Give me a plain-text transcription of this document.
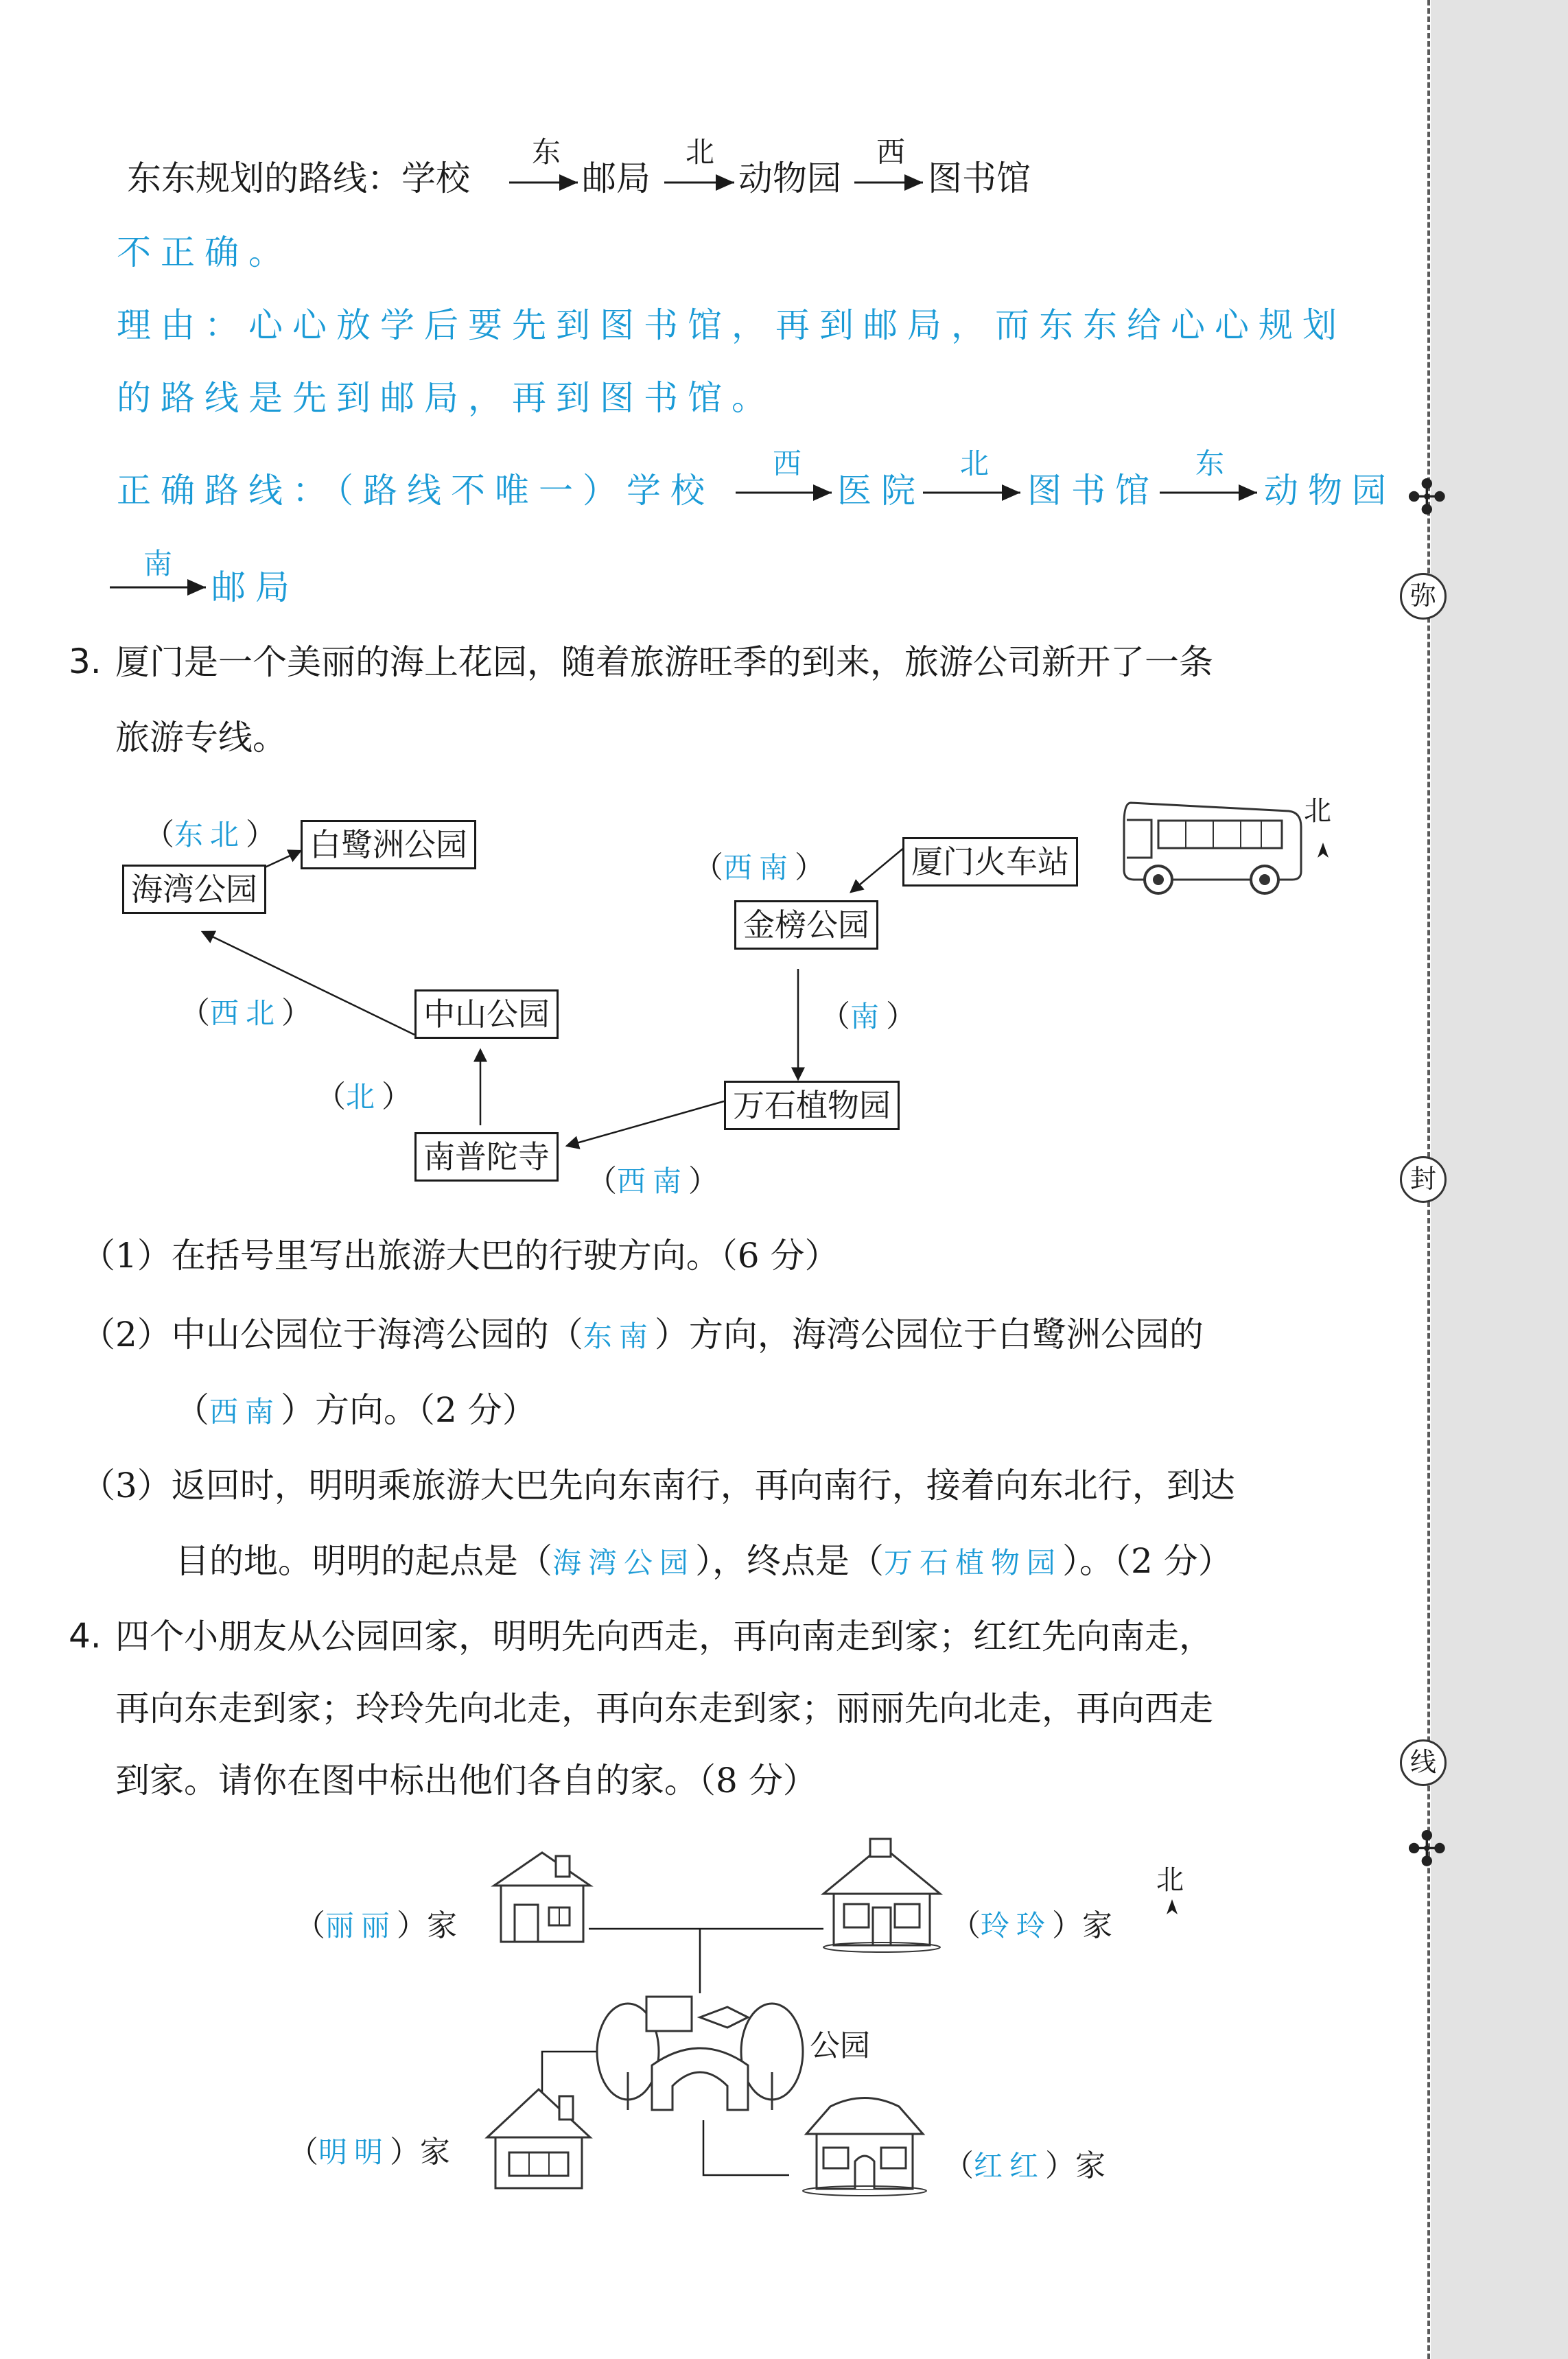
✣
弥
封
线
✣
东东规划的路线：学校
东
邮局
北
动物园
西
图书馆
不正确。
理由：心心放学后要先到图书馆，再到邮局，而东东给心心规划
的路线是先到邮局，再到图书馆。
正确路线：（路线不唯一）学校
西
医院
北
图书馆
东
动物园
南
邮局
3. 厦门是一个美丽的海上花园，随着旅游旺季的到来，旅游公司新开了一条
旅游专线。
白鹭洲公园
海湾公园
厦门火车站
金榜公园
中山公园
万石植物园
南普陀寺
（东北）
（西南）
（西北）	（南）
（北）
（西南）
北
（1）在括号里写出旅游大巴的行驶方向。（6 分）
（2）中山公园位于海湾公园的（东南）方向，海湾公园位于白鹭洲公园的
（西南）方向。（2 分）
（3）返回时，明明乘旅游大巴先向东南行，再向南行，接着向东北行，到达
目的地。明明的起点是（海湾公园），终点是（万石植物园）。（2 分）
4. 四个小朋友从公园回家，明明先向西走，再向南走到家；红红先向南走，
再向东走到家；玲玲先向北走，再向东走到家；丽丽先向北走，再向西走
到家。请你在图中标出他们各自的家。（8 分）
（丽丽）家	（玲玲）家
（明明）家	（红红）家
公园
北
